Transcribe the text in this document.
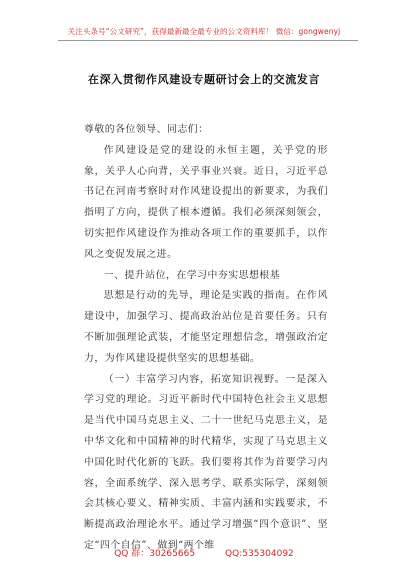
关注头条号“公文研究”，获得最新最全最专业的公文资料库！ 微信：gongwenyj
在深入贯彻作风建设专题研讨会上的交流发言

尊敬的各位领导、同志们：

作风建设是党的建设的永恒主题，关乎党的形象，关乎人心向背，关乎事业兴衰。近日，习近平总书记在河南考察时对作风建设提出的新要求，为我们指明了方向，提供了根本遵循。我们必须深刻领会，切实把作风建设作为推动各项工作的重要抓手，以作风之变促发展之进。

一、提升站位，在学习中夯实思想根基

思想是行动的先导，理论是实践的指南。在作风建设中，加强学习、提高政治站位是首要任务。只有不断加强理论武装，才能坚定理想信念，增强政治定力，为作风建设提供坚实的思想基础。

（一）丰富学习内容，拓宽知识视野。一是深入学习党的理论。习近平新时代中国特色社会主义思想是当代中国马克思主义、二十一世纪马克思主义，是中华文化和中国精神的时代精华，实现了马克思主义中国化时代化新的飞跃。我们要将其作为首要学习内容，全面系统学、深入思考学、联系实际学，深刻领会其核心要义、精神实质、丰富内涵和实践要求，不断提高政治理论水平。通过学习增强“四个意识”、坚定“四个自信”、做到“两个维

QQ 群：30265665	QQ:535304092
